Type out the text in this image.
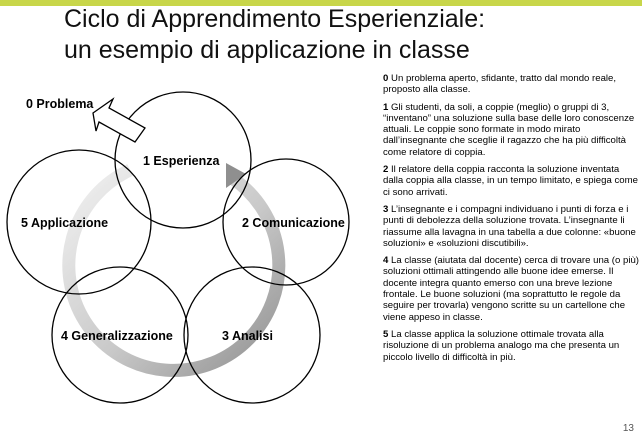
Ciclo di Apprendimento Esperienziale:
un esempio di applicazione in classe
0 Problema
1 Esperienza
2 Comunicazione
3 Analisi
4 Generalizzazione
5 Applicazione

0 Un problema aperto, sfidante, tratto dal mondo reale, proposto alla classe.

1 Gli studenti, da soli, a coppie (meglio) o gruppi di 3, “inventano” una soluzione sulla base delle loro conoscenze attuali. Le coppie sono formate in modo mirato dall’insegnante che sceglie il ragazzo che ha più difficoltà come relatore di coppia.

2 Il relatore della coppia racconta la soluzione inventata dalla coppia alla classe, in un tempo limitato, e spiega come ci sono arrivati.

3 L’insegnante e i compagni individuano i punti di forza e i punti di debolezza della soluzione trovata. L’insegnante li riassume alla lavagna in una tabella a due colonne: «buone soluzioni» e «soluzioni discutibili».

4 La classe (aiutata dal docente) cerca di trovare una (o più) soluzioni ottimali attingendo alle buone idee emerse. Il docente integra quanto emerso con una breve lezione frontale. Le buone soluzioni (ma soprattutto le regole da seguire per trovarla) vengono scritte su un cartellone che viene appeso in classe.

5 La classe applica la soluzione ottimale trovata alla risoluzione di un problema analogo ma che presenta un piccolo livello di difficoltà in più.

13
